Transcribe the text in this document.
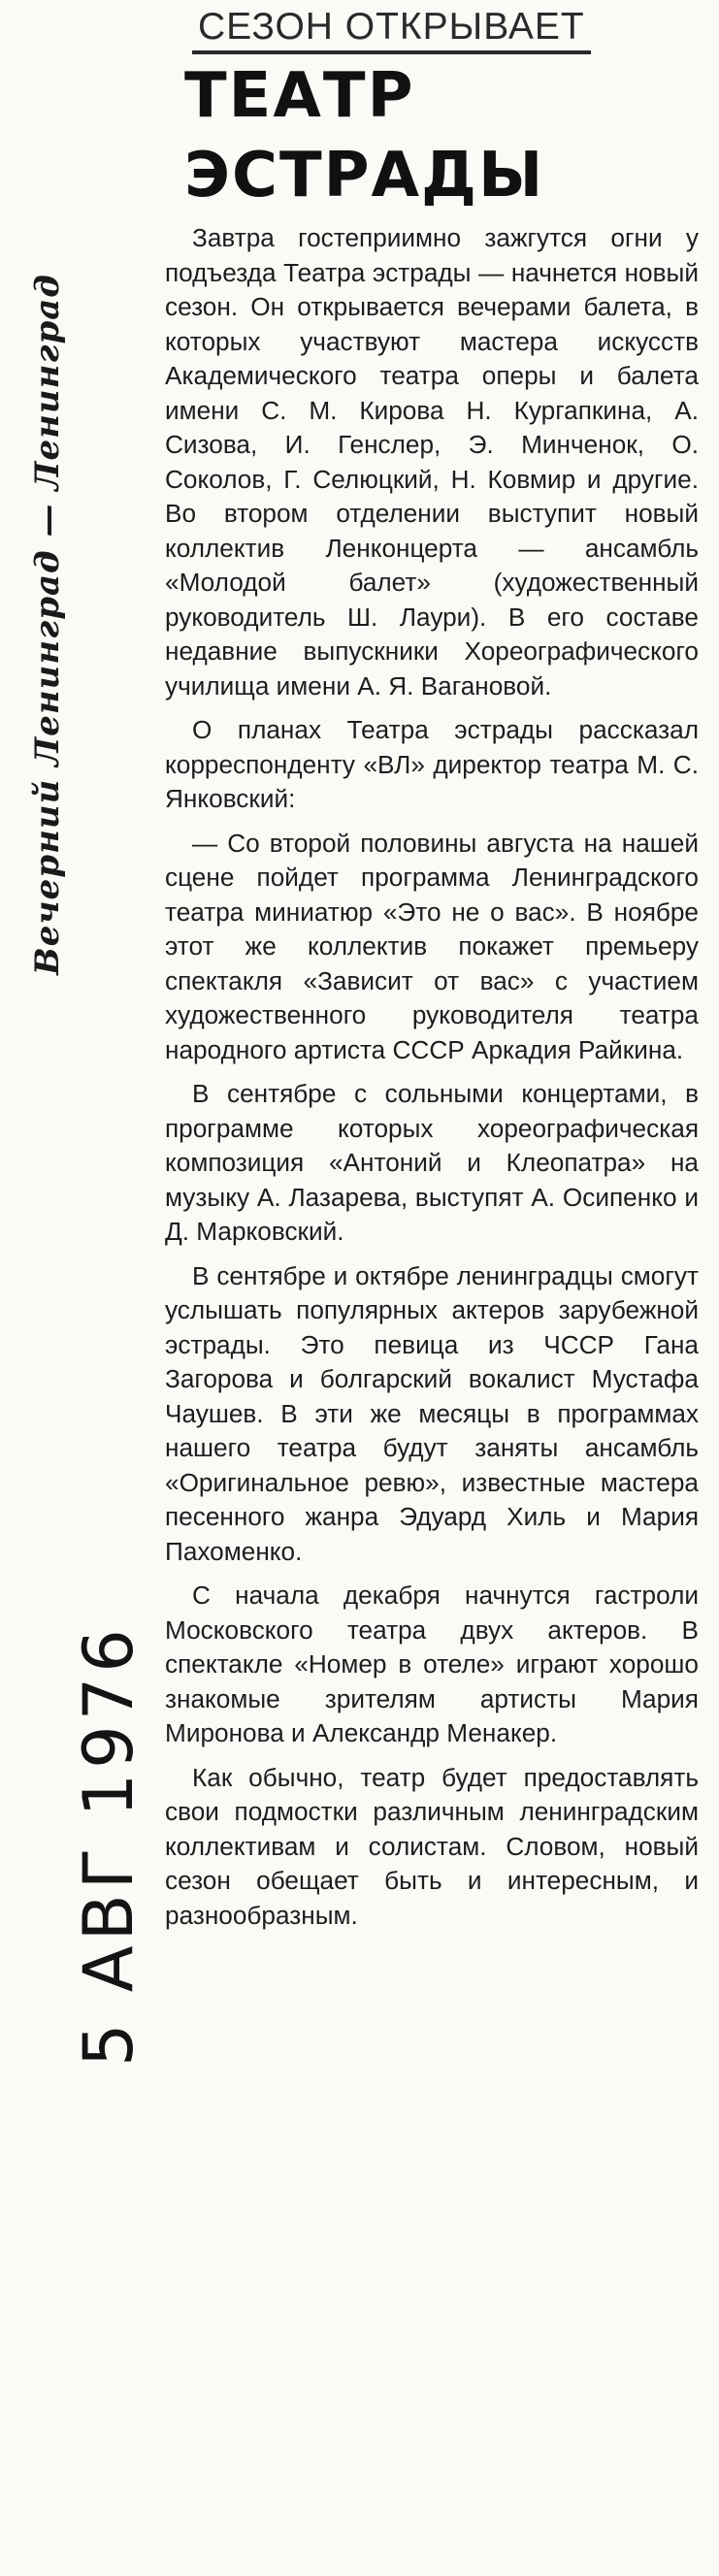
Вечерний Ленинград — Ленинград
5 АВГ 1976
СЕЗОН ОТКРЫВАЕТ
ТЕАТР ЭСТРАДЫ

Завтра гостеприимно зажгутся огни у подъезда Театра эстрады — начнется новый сезон. Он открывается вечерами балета, в которых участвуют мастера искусств Академического театра оперы и балета имени С. М. Кирова Н. Кургапкина, А. Сизова, И. Генслер, Э. Минченок, О. Соколов, Г. Селюцкий, Н. Ковмир и другие. Во втором отделении выступит новый коллектив Ленконцерта — ансамбль «Молодой балет» (художественный руководитель Ш. Лаури). В его составе недавние выпускники Хореографического училища имени А. Я. Вагановой.

О планах Театра эстрады рассказал корреспонденту «ВЛ» директор театра М. С. Янковский:

— Со второй половины августа на нашей сцене пойдет программа Ленинградского театра миниатюр «Это не о вас». В ноябре этот же коллектив покажет премьеру спектакля «Зависит от вас» с участием художественного руководителя театра народного артиста СССР Аркадия Райкина.

В сентябре с сольными концертами, в программе которых хореографическая композиция «Антоний и Клеопатра» на музыку А. Лазарева, выступят А. Осипенко и Д. Марковский.

В сентябре и октябре ленинградцы смогут услышать популярных актеров зарубежной эстрады. Это певица из ЧССР Гана Загорова и болгарский вокалист Мустафа Чаушев. В эти же месяцы в программах нашего театра будут заняты ансамбль «Оригинальное ревю», известные мастера песенного жанра Эдуард Хиль и Мария Пахоменко.

С начала декабря начнутся гастроли Московского театра двух актеров. В спектакле «Номер в отеле» играют хорошо знакомые зрителям артисты Мария Миронова и Александр Менакер.

Как обычно, театр будет предоставлять свои подмостки различным ленинградским коллективам и солистам. Словом, новый сезон обещает быть и интересным, и разнообразным.
